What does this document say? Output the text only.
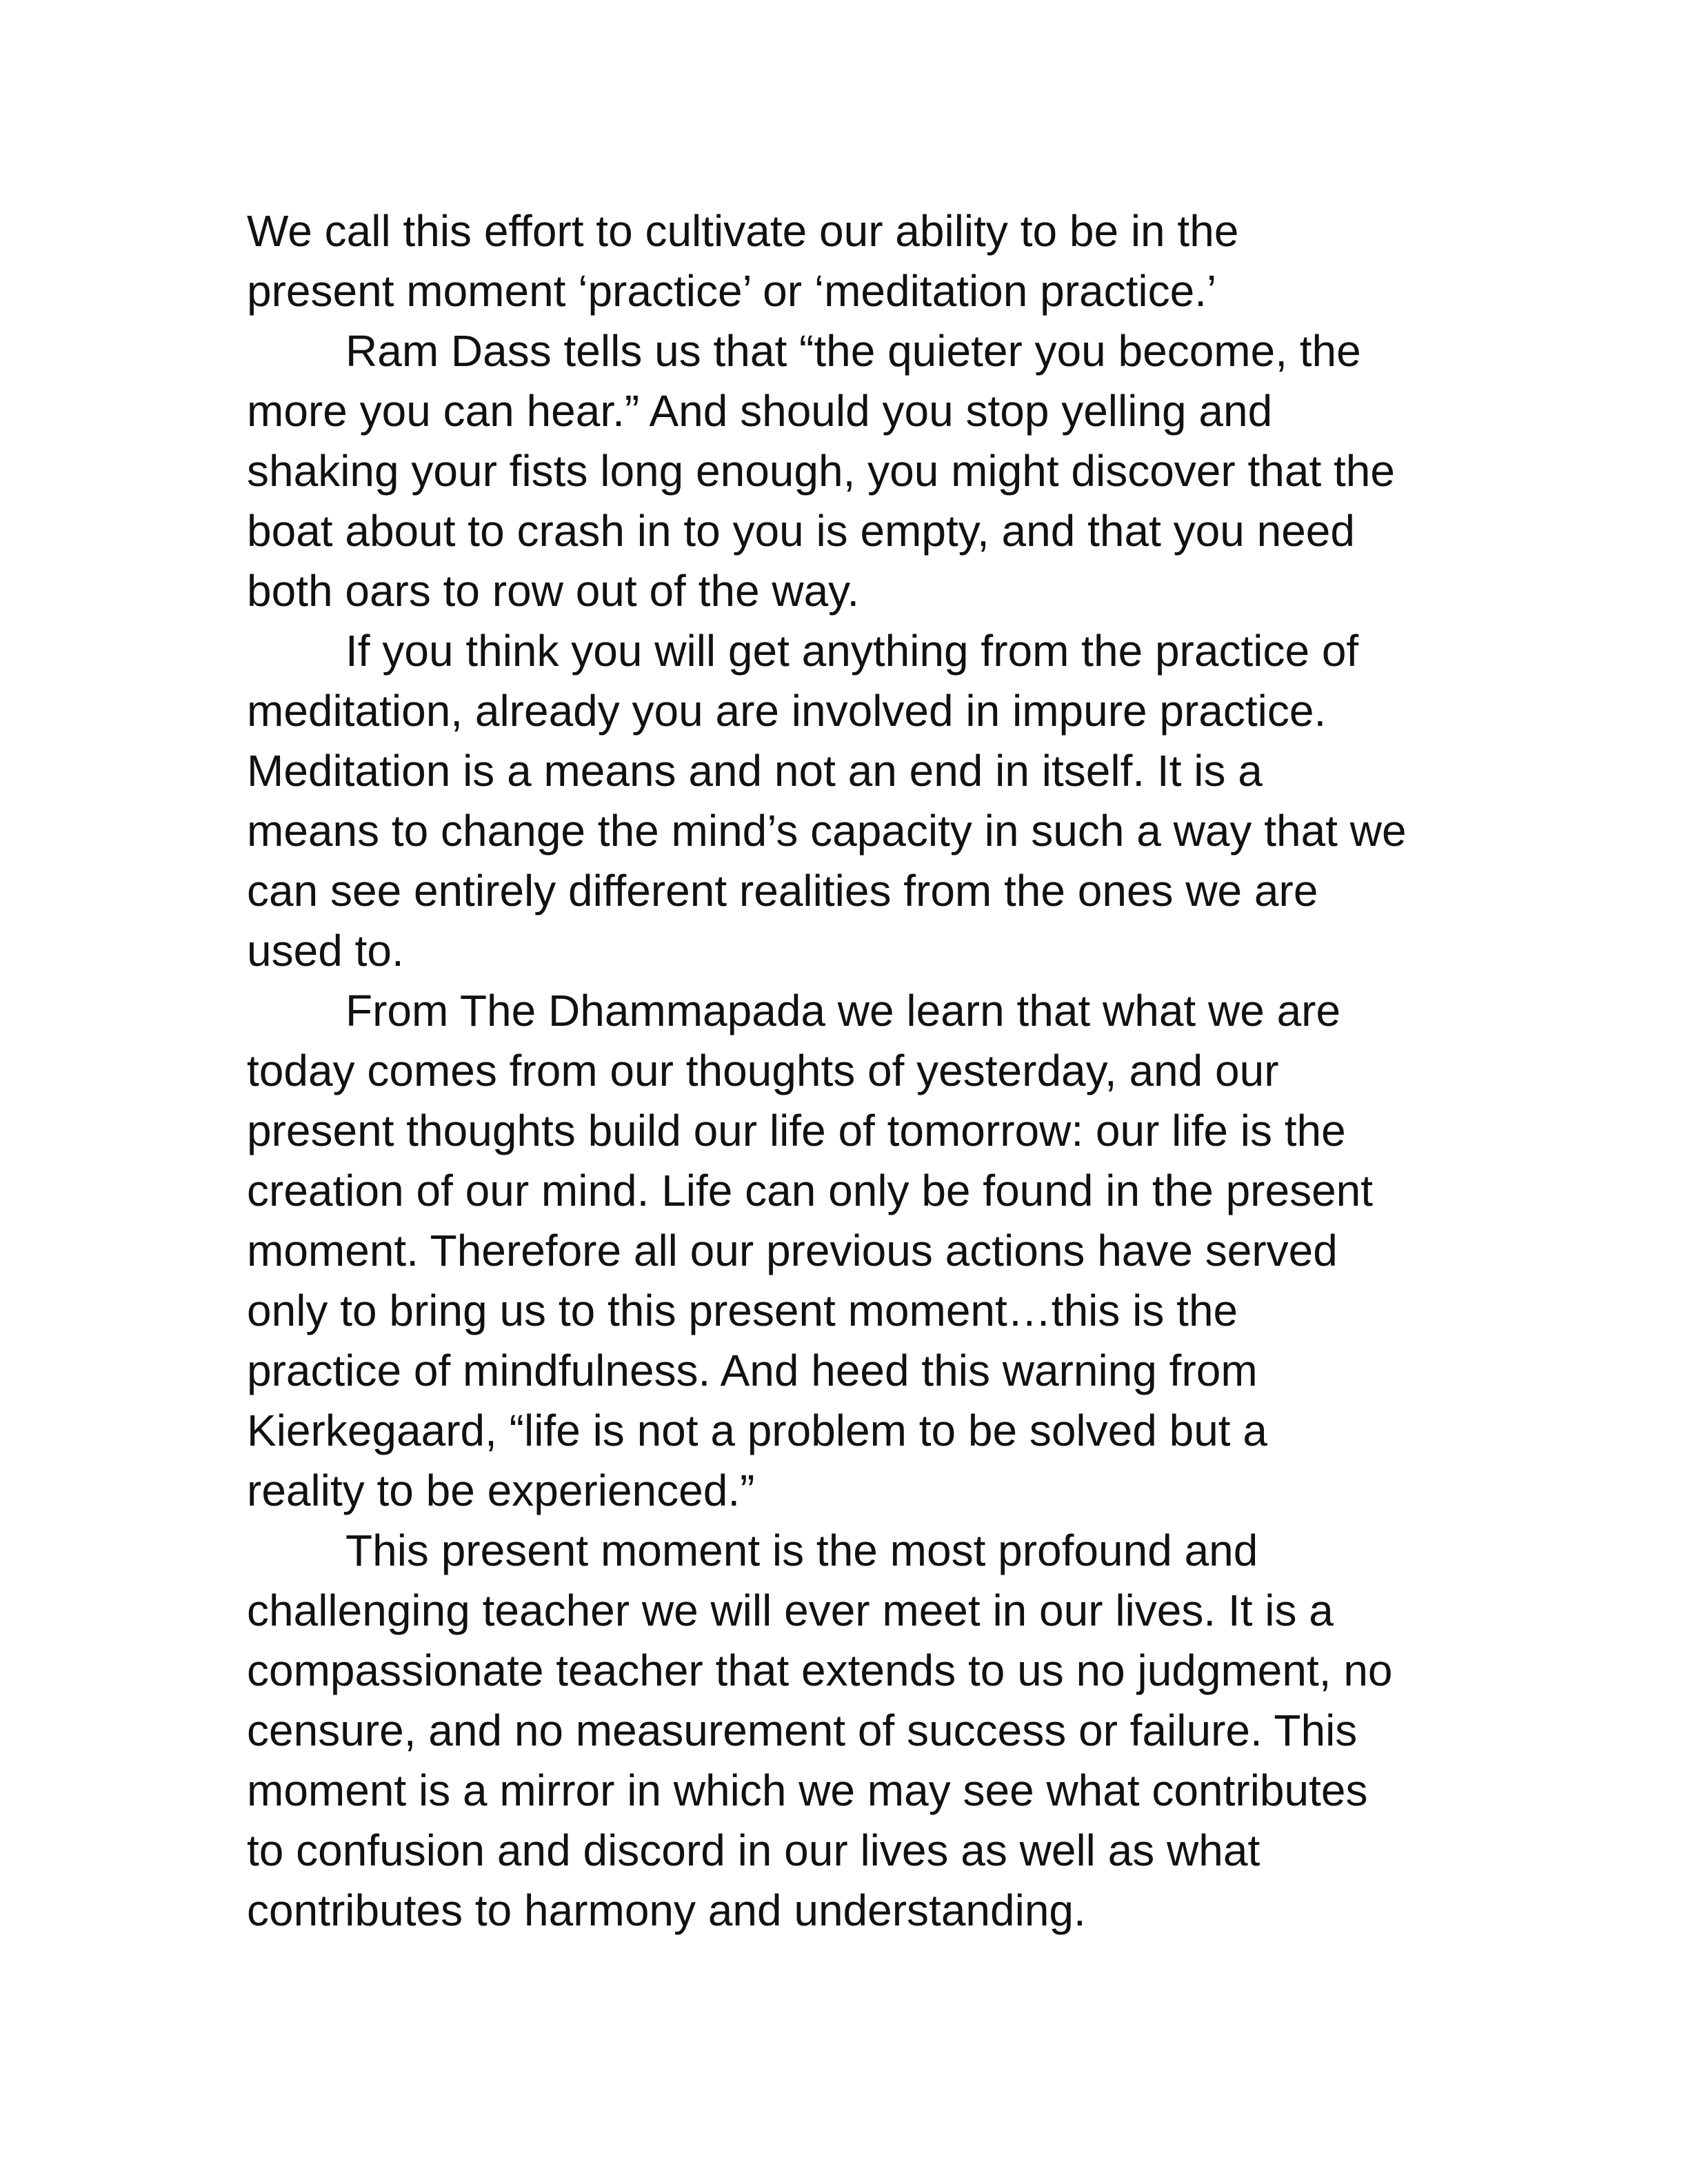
We call this effort to cultivate our ability to be in the
present moment ‘practice’ or ‘meditation practice.’

Ram Dass tells us that “the quieter you become, the
more you can hear.” And should you stop yelling and
shaking your fists long enough, you might discover that the
boat about to crash in to you is empty, and that you need
both oars to row out of the way.

If you think you will get anything from the practice of
meditation, already you are involved in impure practice.
Meditation is a means and not an end in itself. It is a
means to change the mind’s capacity in such a way that we
can see entirely different realities from the ones we are
used to.

From The Dhammapada we learn that what we are
today comes from our thoughts of yesterday, and our
present thoughts build our life of tomorrow: our life is the
creation of our mind. Life can only be found in the present
moment. Therefore all our previous actions have served
only to bring us to this present moment…this is the
practice of mindfulness. And heed this warning from
Kierkegaard, “life is not a problem to be solved but a
reality to be experienced.”

This present moment is the most profound and
challenging teacher we will ever meet in our lives. It is a
compassionate teacher that extends to us no judgment, no
censure, and no measurement of success or failure. This
moment is a mirror in which we may see what contributes
to confusion and discord in our lives as well as what
contributes to harmony and understanding.
